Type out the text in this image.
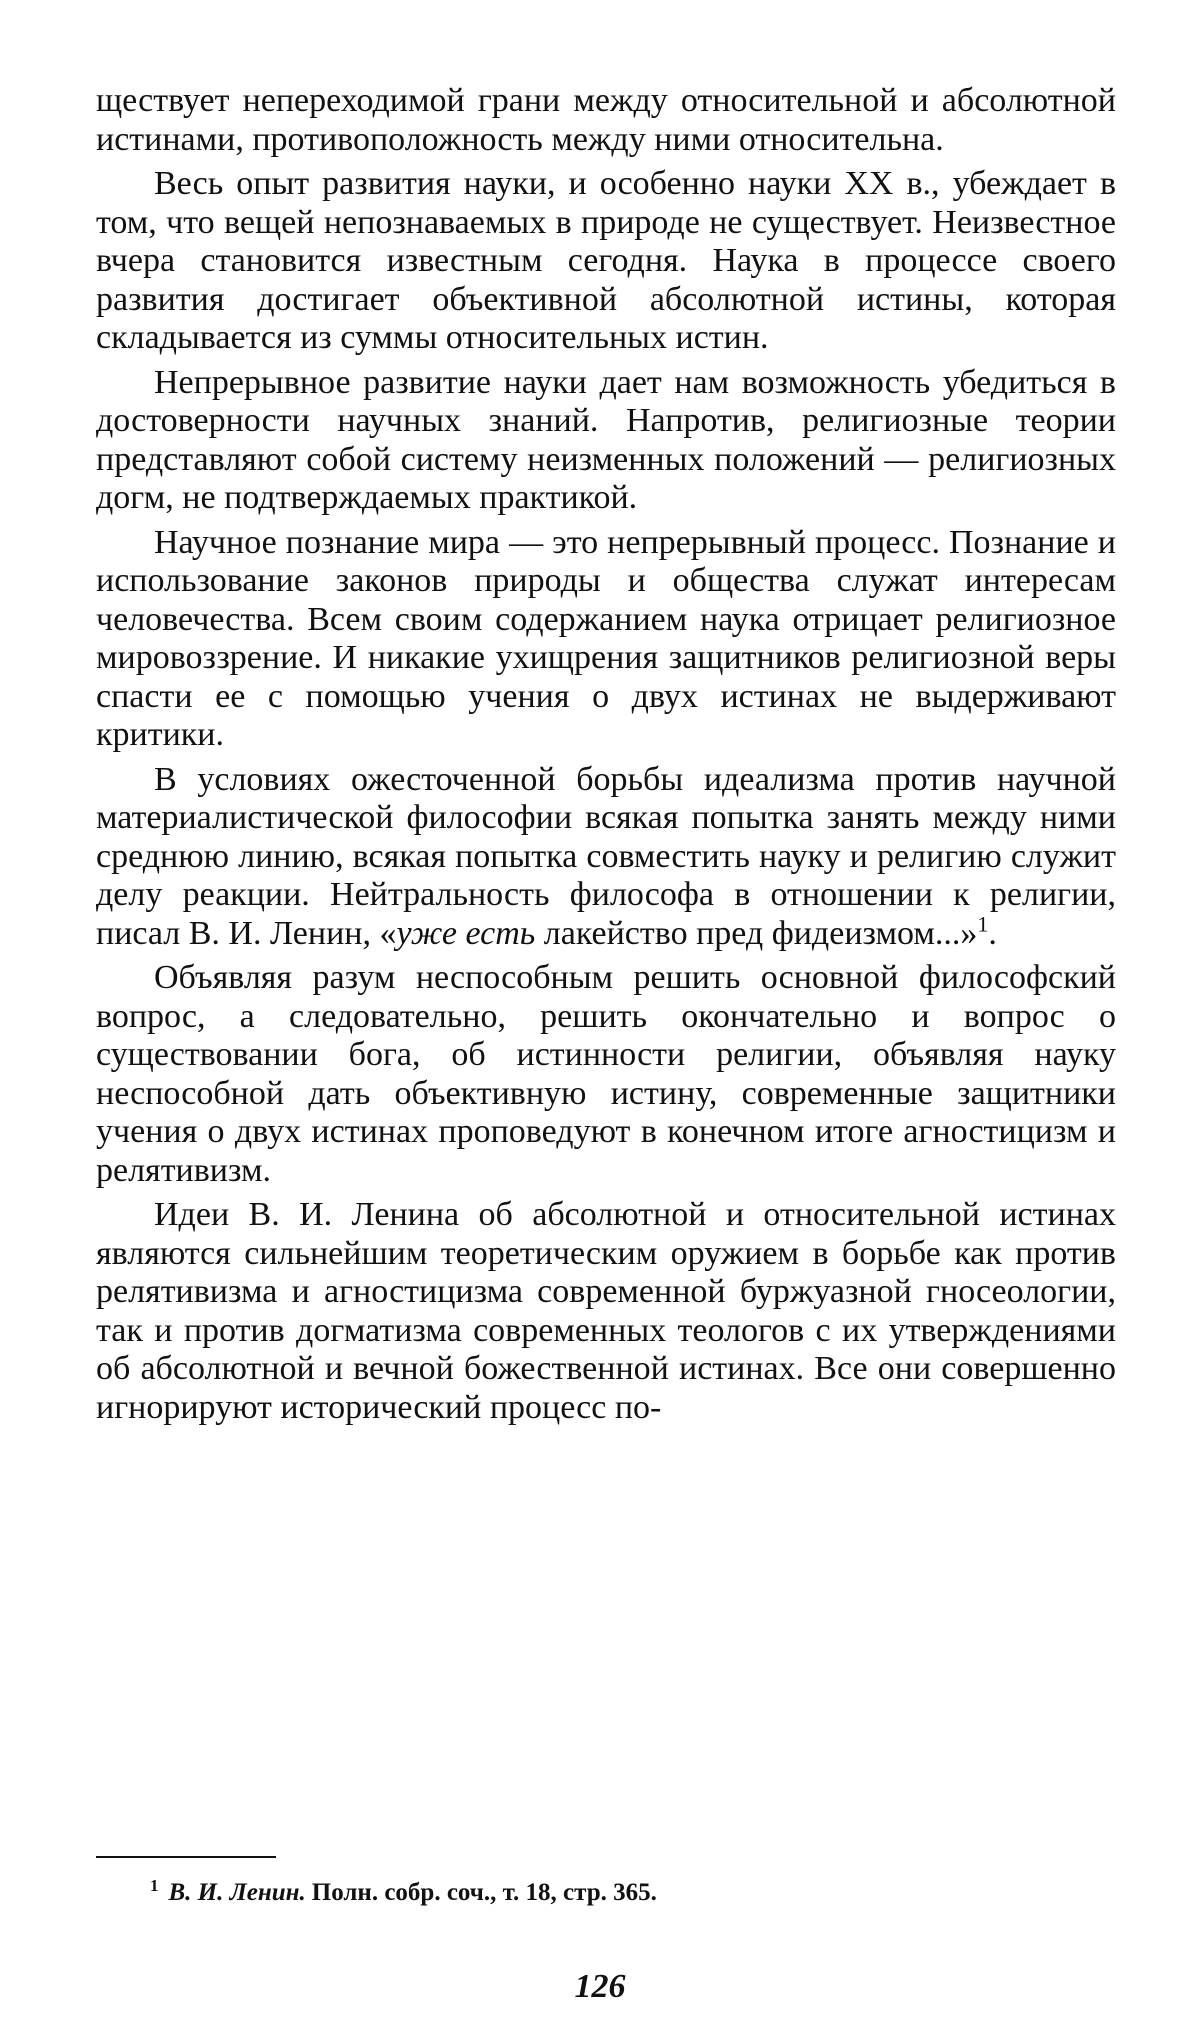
ществует непереходимой грани между относительной и абсолютной истинами, противоположность между ними относительна.

Весь опыт развития науки, и особенно науки XX в., убеждает в том, что вещей непознаваемых в природе не существует. Неизвестное вчера становится известным сегодня. Наука в процессе своего развития достигает объективной абсолютной истины, которая складывается из суммы относительных истин.

Непрерывное развитие науки дает нам возможность убедиться в достоверности научных знаний. Напротив, религиозные теории представляют собой систему неизменных положений — религиозных догм, не подтверждаемых практикой.

Научное познание мира — это непрерывный процесс. Познание и использование законов природы и общества служат интересам человечества. Всем своим содержанием наука отрицает религиозное мировоззрение. И никакие ухищрения защитников религиозной веры спасти ее с помощью учения о двух истинах не выдерживают критики.

В условиях ожесточенной борьбы идеализма против научной материалистической философии всякая попытка занять между ними среднюю линию, всякая попытка совместить науку и религию служит делу реакции. Нейтральность философа в отношении к религии, писал В. И. Ленин, «уже есть лакейство пред фидеизмом...»$^1$.

Объявляя разум неспособным решить основной философский вопрос, а следовательно, решить окончательно и вопрос о существовании бога, об истинности религии, объявляя науку неспособной дать объективную истину, современные защитники учения о двух истинах проповедуют в конечном итоге агностицизм и релятивизм.

Идеи В. И. Ленина об абсолютной и относительной истинах являются сильнейшим теоретическим оружием в борьбе как против релятивизма и агностицизма современной буржуазной гносеологии, так и против догматизма современных теологов с их утверждениями об абсолютной и вечной божественной истинах. Все они совершенно игнорируют исторический процесс по-

$^1$ В. И. Ленин. Полн. собр. соч., т. 18, стр. 365.
126
